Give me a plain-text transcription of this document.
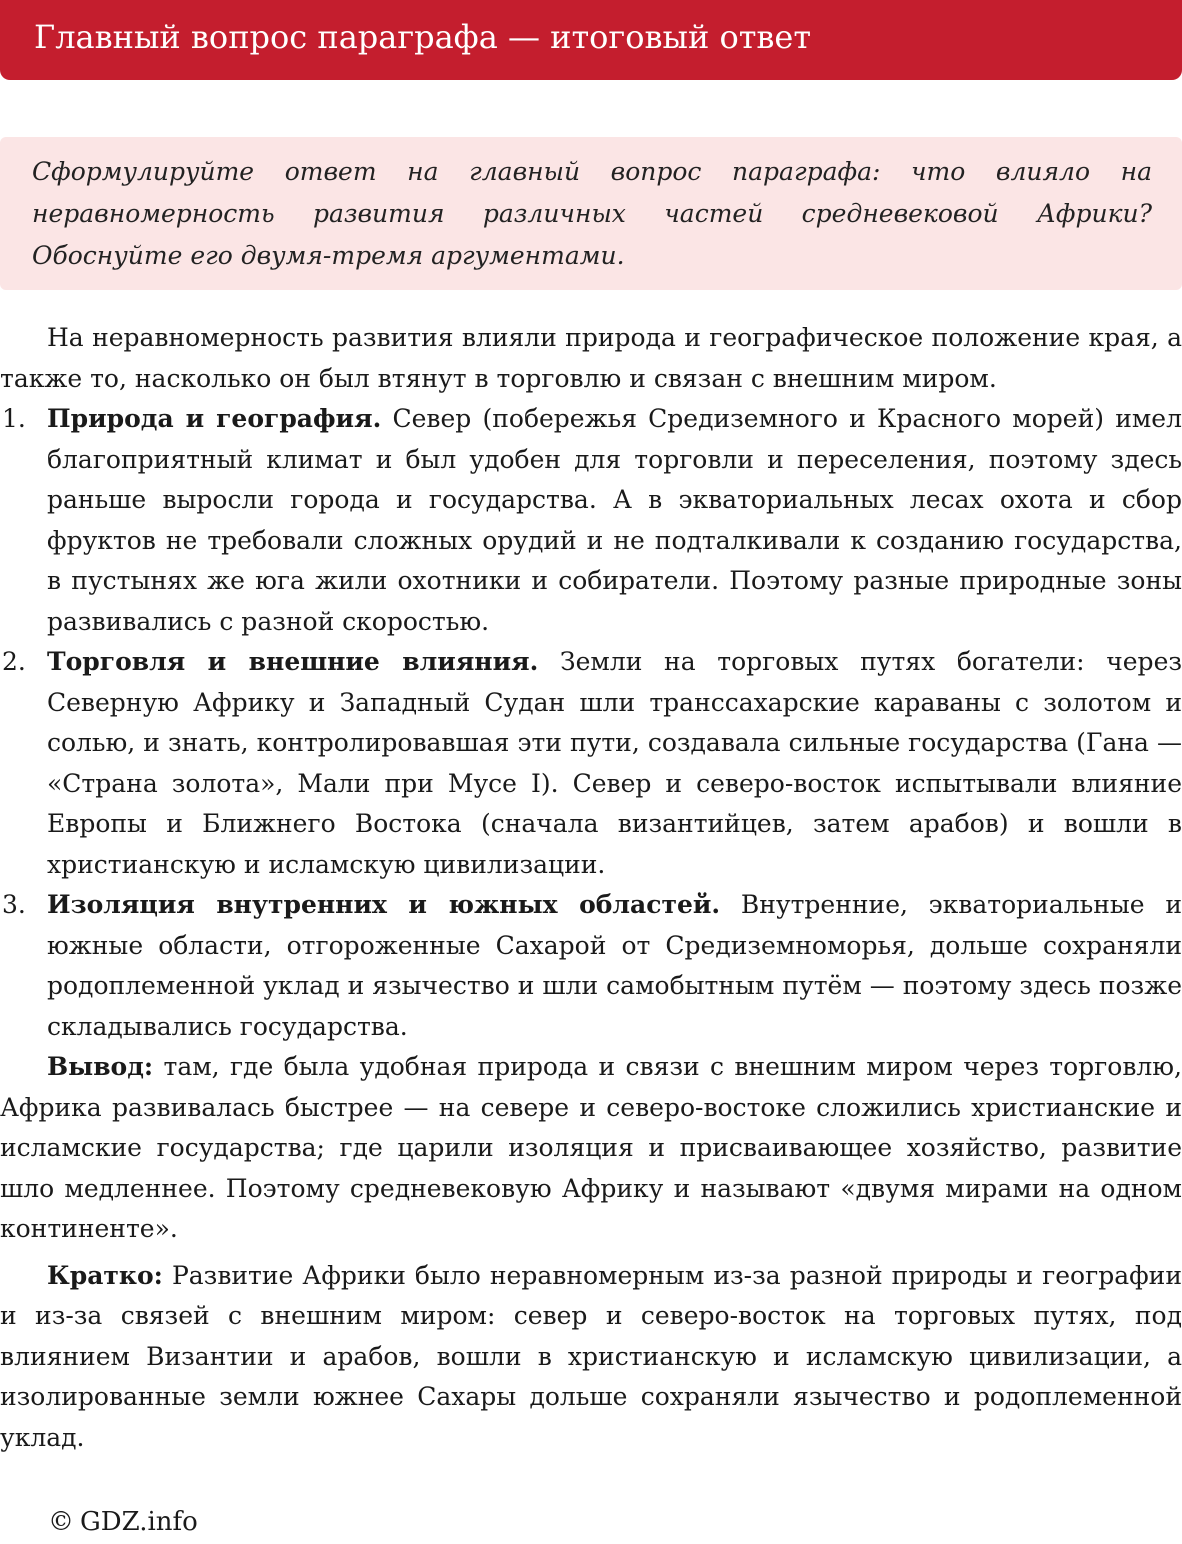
Главный вопрос параграфа — итоговый ответ
Сформулируйте ответ на главный вопрос параграфа: что влияло на неравномерность развития различных частей средневековой Африки? Обоснуйте его двумя-тремя аргументами.

На неравномерность развития влияли природа и географическое положение края, а также то, насколько он был втянут в торговлю и связан с внешним миром.

1. Природа и география. Север (побережья Средиземного и Красного морей) имел благоприятный климат и был удобен для торговли и переселения, поэтому здесь раньше выросли города и государства. А в экваториальных лесах охота и сбор фруктов не требовали сложных орудий и не подталкивали к созданию государства, в пустынях же юга жили охотники и собиратели. Поэтому разные природные зоны развивались с разной скоростью.
2. Торговля и внешние влияния. Земли на торговых путях богатели: через Северную Африку и Западный Судан шли транссахарские караваны с золотом и солью, и знать, контролировавшая эти пути, создавала сильные государства (Гана — «Страна золота», Мали при Мусе I). Север и северо-восток испытывали влияние Европы и Ближнего Востока (сначала византийцев, затем арабов) и вошли в христианскую и исламскую цивилизации.
3. Изоляция внутренних и южных областей. Внутренние, экваториальные и южные области, отгороженные Сахарой от Средиземноморья, дольше сохраняли родоплеменной уклад и язычество и шли самобытным путём — поэтому здесь позже складывались государства.

Вывод: там, где была удобная природа и связи с внешним миром через торговлю, Африка развивалась быстрее — на севере и северо-востоке сложились христианские и исламские государства; где царили изоляция и присваивающее хозяйство, развитие шло медленнее. Поэтому средневековую Африку и называют «двумя мирами на одном континенте».

Кратко: Развитие Африки было неравномерным из-за разной природы и географии и из-за связей с внешним миром: север и северо-восток на торговых путях, под влиянием Византии и арабов, вошли в христианскую и исламскую цивилизации, а изолированные земли южнее Сахары дольше сохраняли язычество и родоплеменной уклад.

© GDZ.info
